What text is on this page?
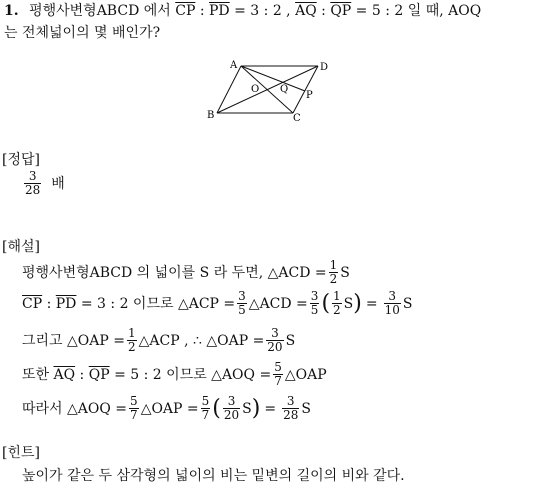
1. 평행사변형ABCD 에서 $\overline{CP}$ : $\overline{PD} = 3$ : 2 , $\overline{AQ}$ : $\overline{QP} = 5$ : 2 일 때, AOQ
는 전체넓이의 몇 배인가?
A	D
B	C
O Q
P
[정답]
$\frac{3}{28}$ 배
[해설]
평행사변형ABCD 의 넓이를 S 라 두면, △ACD = $\frac{1}{2}$ S
$\overline{CP}$ : $\overline{PD} = 3$ : 2 이므로 △ACP = $\frac{3}{5}$ △ACD = $\frac{3}{5}$ ( $\frac{1}{2}$ S ) = $\frac{3}{10}$ S
그리고 △OAP = $\frac{1}{2}$ △ACP , ∴ △OAP = $\frac{3}{20}$ S
또한
$\overline{AQ}$ : $\overline{QP} = 5$ : 2 이므로 △AOQ = $\frac{5}{7}$ △OAP
따라서 △AOQ = $\frac{5}{7}$ △OAP = $\frac{5}{7}$ ( $\frac{3}{20}$ S ) = $\frac{3}{28}$ S
[힌트]
높이가 같은 두 삼각형의 넓이의 비는 밑변의 길이의 비와 같다.
